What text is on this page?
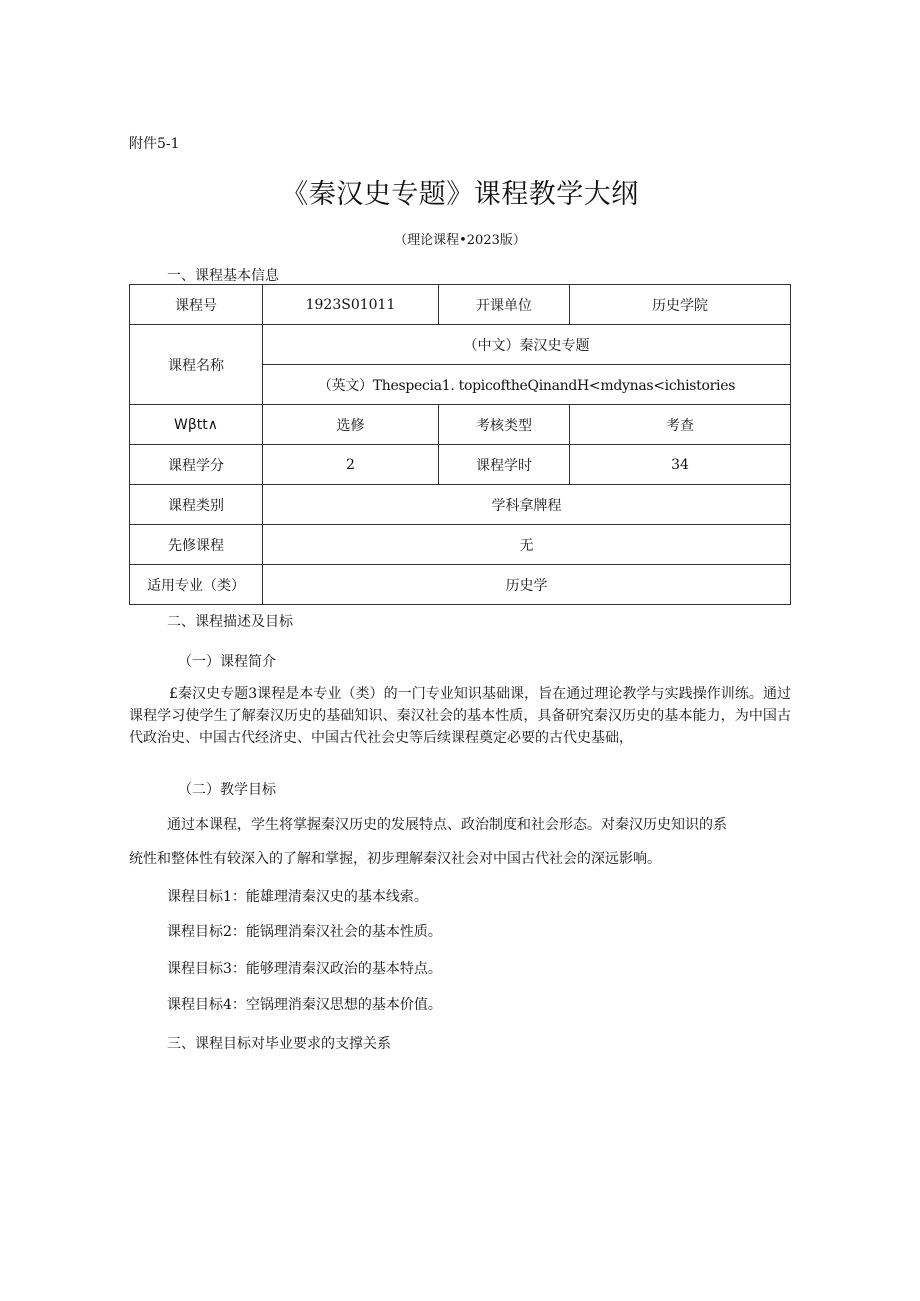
附件5-1
《秦汉史专题》课程教学大纲
（理论课程•2023版）
一、课程基本信息
课程号	1923S01011	开课单位	历史学院
课程名称	（中文）秦汉史专题		
	（英文）Thespecia1. topicoftheQinandH<mdynas<ichistories		
Wβtt∧	选修	考核类型	考查
课程学分	2	课程学时	34
课程类别	学科拿牌程		
先修课程	无		
适用专业（类）	历史学		
二、课程描述及目标
（一）课程简介
£秦汉史专题3课程是本专业（类）的一门专业知识基础课，旨在通过理论教学与实践操作训练。通过课程学习使学生了解秦汉历史的基础知识、秦汉社会的基本性质，具备研究秦汉历史的基本能力，为中国古代政治史、中国古代经济史、中国古代社会史等后续课程奠定必要的古代史基础，
（二）教学目标
通过本课程，学生将掌握秦汉历史的发展特点、政治制度和社会形态。对秦汉历史知识的系
统性和整体性有较深入的了解和掌握，初步理解秦汉社会对中国古代社会的深远影响。
课程目标1：能雄理清秦汉史的基本线索。
课程目标2：能锅理消秦汉社会的基本性质。
课程目标3：能够理清秦汉政治的基本特点。
课程目标4：空锅理消秦汉思想的基本价值。
三、课程目标对毕业要求的支撑关系
